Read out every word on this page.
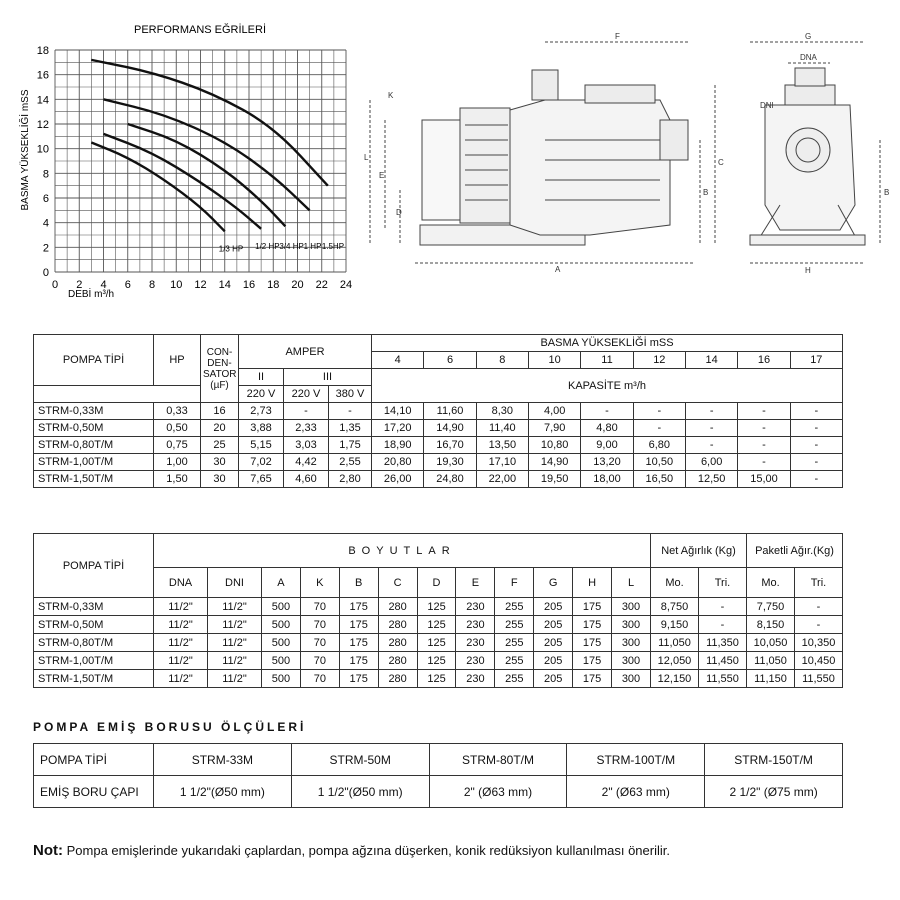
PERFORMANS EĞRİLERİ
BASMA YÜKSEKLİĞİ mSS
DEBİ m³/h
0 2 4 6 8 10 12 14 16 18 20 22 24
0
2
4
6
8
10
12
14
16
18
1/3 HP 1/2 HP 3/4 HP 1 HP 1.5HP
F
K
L
E
D
A
C
B
G
DNA
DNI
B
H
POMPA TİPİ	HP	CON-
DEN-
SATOR
(µF)	AMPER			BASMA YÜKSEKLİĞİ mSS								
						4	6	8	10	11	12	14	16	17
			II	III		KAPASİTE m³/h								
			220 V	220 V	380 V									
STRM-0,33M	0,33	16	2,73	-	-	14,10	11,60	8,30	4,00	-	-	-	-	-
STRM-0,50M	0,50	20	3,88	2,33	1,35	17,20	14,90	11,40	7,90	4,80	-	-	-	-
STRM-0,80T/M	0,75	25	5,15	3,03	1,75	18,90	16,70	13,50	10,80	9,00	6,80	-	-	-
STRM-1,00T/M	1,00	30	7,02	4,42	2,55	20,80	19,30	17,10	14,90	13,20	10,50	6,00	-	-
STRM-1,50T/M	1,50	30	7,65	4,60	2,80	26,00	24,80	22,00	19,50	18,00	16,50	12,50	15,00	-
POMPA TİPİ	BOYUTLAR												Net Ağırlık (Kg)		Paketli Ağır.(Kg)	
	DNA	DNI	A	K	B	C	D	E	F	G	H	L	Mo.	Tri.	Mo.	Tri.
STRM-0,33M	11/2"	11/2"	500	70	175	280	125	230	255	205	175	300	8,750	-	7,750	-
STRM-0,50M	11/2"	11/2"	500	70	175	280	125	230	255	205	175	300	9,150	-	8,150	-
STRM-0,80T/M	11/2"	11/2"	500	70	175	280	125	230	255	205	175	300	11,050	11,350	10,050	10,350
STRM-1,00T/M	11/2"	11/2"	500	70	175	280	125	230	255	205	175	300	12,050	11,450	11,050	10,450
STRM-1,50T/M	11/2"	11/2"	500	70	175	280	125	230	255	205	175	300	12,150	11,550	11,150	11,550
POMPA EMİŞ BORUSU ÖLÇÜLERİ
POMPA TİPİ	STRM-33M	STRM-50M	STRM-80T/M	STRM-100T/M	STRM-150T/M
EMİŞ BORU ÇAPI	1 1/2"(Ø50 mm)	1 1/2"(Ø50 mm)	2" (Ø63 mm)	2" (Ø63 mm)	2 1/2" (Ø75 mm)
Not: Pompa emişlerinde yukarıdaki çaplardan, pompa ağzına düşerken, konik redüksiyon kullanılması önerilir.
